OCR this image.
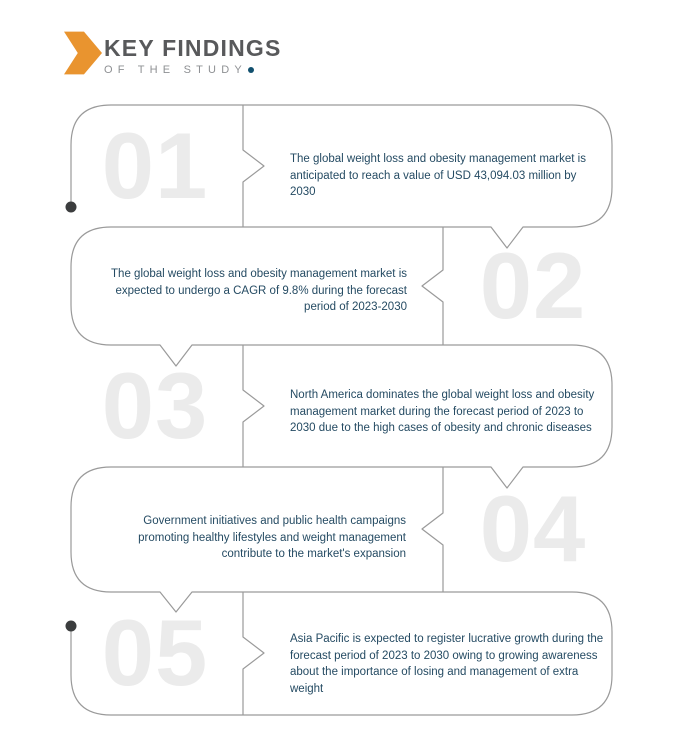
KEY FINDINGS
OF THE STUDY
01
02
03
04
05
The global weight loss and obesity management market is anticipated to reach a value of USD 43,094.03 million by 2030
The global weight loss and obesity management market is expected to undergo a CAGR of 9.8% during the forecast period of 2023-2030
North America dominates the global weight loss and obesity management market during the forecast period of 2023 to 2030 due to the high cases of obesity and chronic diseases
Government initiatives and public health campaigns promoting healthy lifestyles and weight management contribute to the market's expansion
Asia Pacific is expected to register lucrative growth during the forecast period of 2023 to 2030 owing to growing awareness about the importance of losing and management of extra weight
